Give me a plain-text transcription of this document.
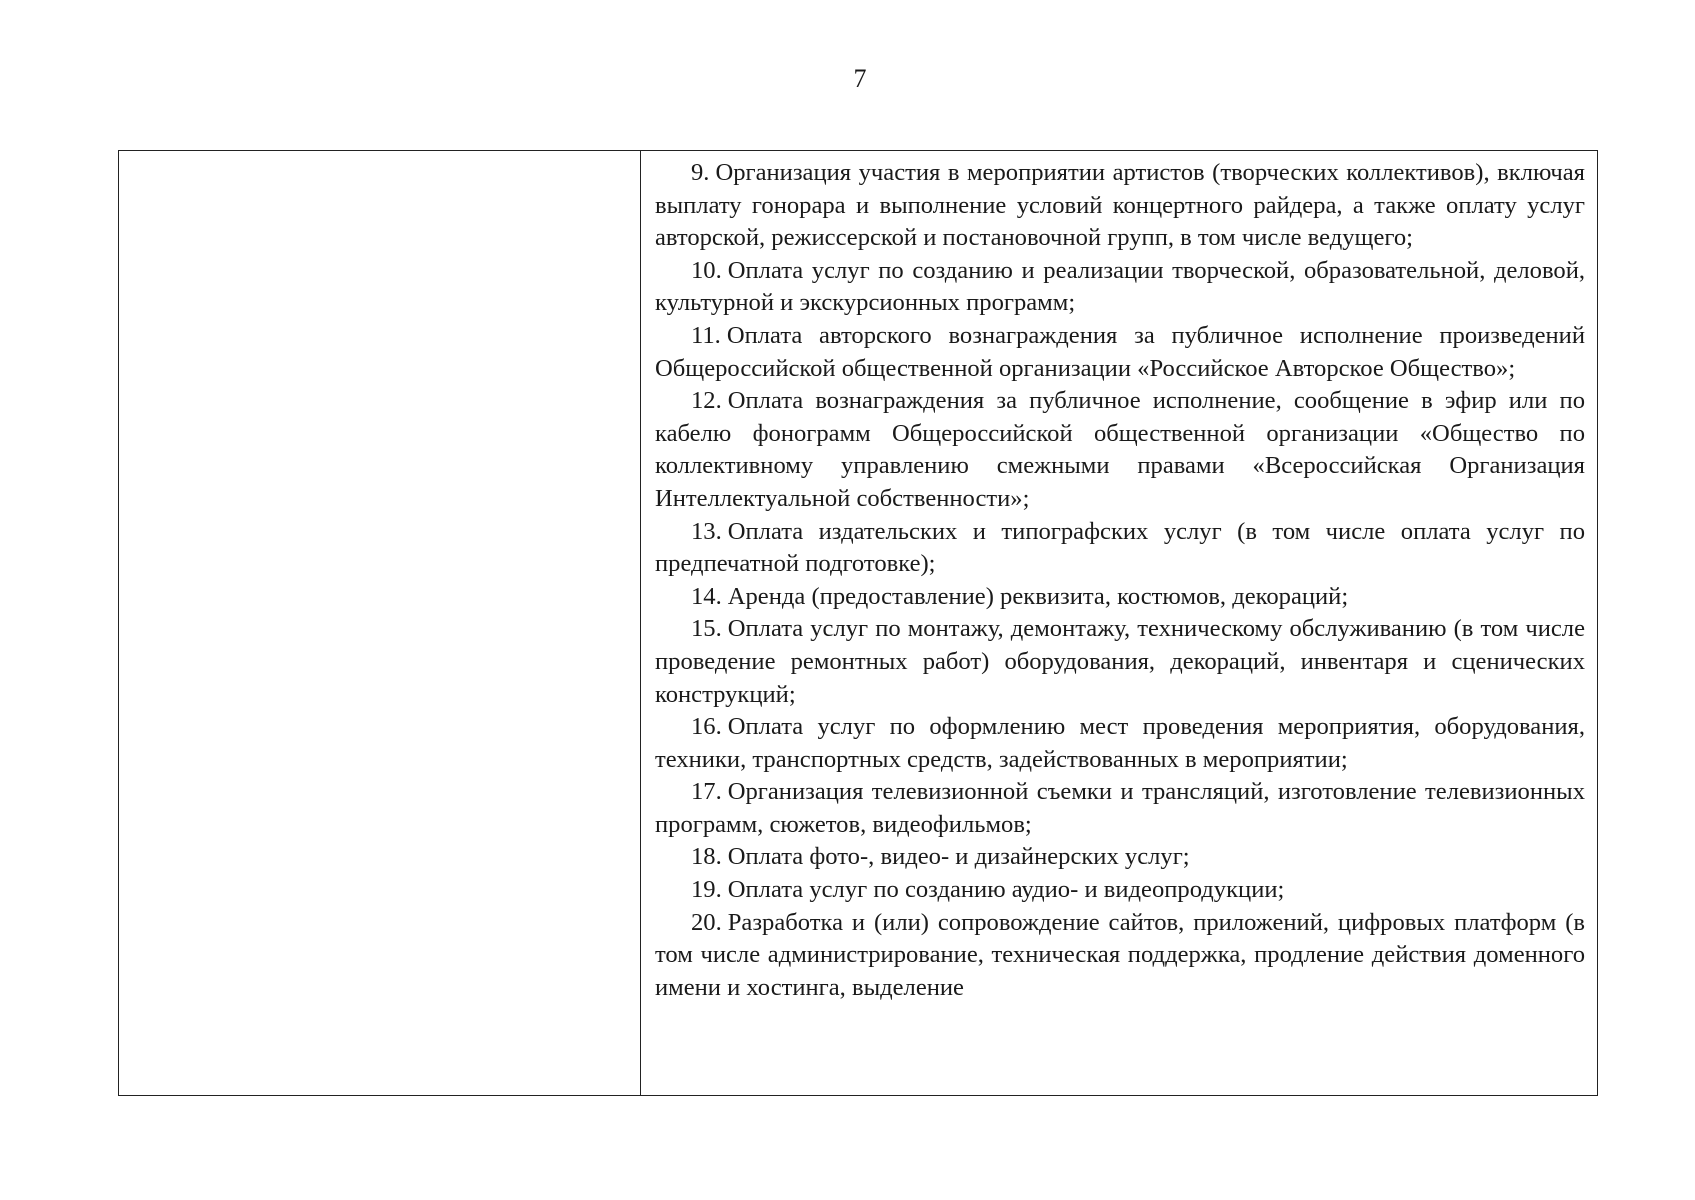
7

9. Организация участия в мероприятии артистов (творческих коллективов), включая выплату гонорара и выполнение условий концертного райдера, а также оплату услуг авторской, режиссерской и постановочной групп, в том числе ведущего;

10. Оплата услуг по созданию и реализации творческой, образовательной, деловой, культурной и экскурсионных программ;

11. Оплата авторского вознаграждения за публичное исполнение произведений Общероссийской общественной организации «Российское Авторское Общество»;

12. Оплата вознаграждения за публичное исполнение, сообщение в эфир или по кабелю фонограмм Общероссийской общественной организации «Общество по коллективному управлению смежными правами «Всероссийская Организация Интеллектуальной собственности»;

13. Оплата издательских и типографских услуг (в том числе оплата услуг по предпечатной подготовке);

14. Аренда (предоставление) реквизита, костюмов, декораций;

15. Оплата услуг по монтажу, демонтажу, техническому обслуживанию (в том числе проведение ремонтных работ) оборудования, декораций, инвентаря и сценических конструкций;

16. Оплата услуг по оформлению мест проведения мероприятия, оборудования, техники, транспортных средств, задействованных в мероприятии;

17. Организация телевизионной съемки и трансляций, изготовление телевизионных программ, сюжетов, видеофильмов;

18. Оплата фото-, видео- и дизайнерских услуг;

19. Оплата услуг по созданию аудио- и видеопродукции;

20. Разработка и (или) сопровождение сайтов, приложений, цифровых платформ (в том числе администрирование, техническая поддержка, продление действия доменного имени и хостинга, выделение
